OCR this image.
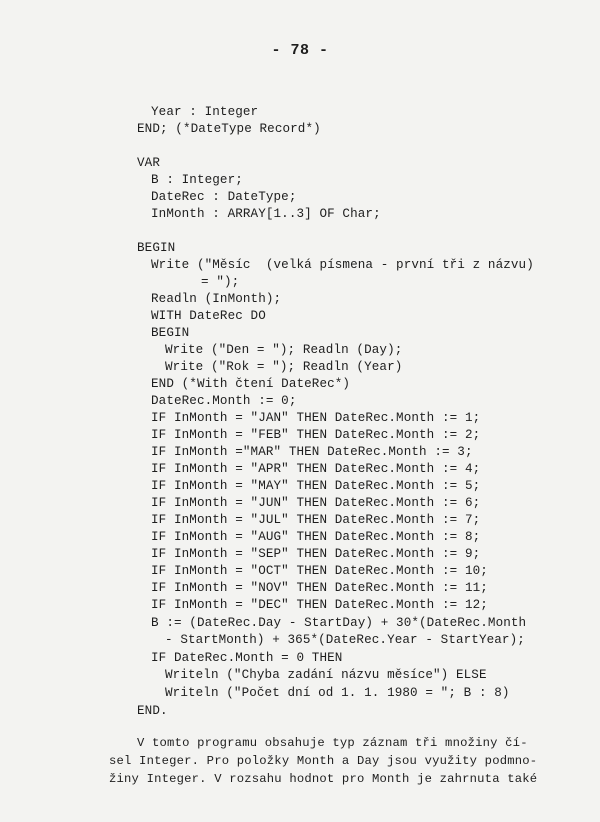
- 78 -
Year : Integer
END; (*DateType Record*)
VAR
B : Integer;
DateRec : DateType;
InMonth : ARRAY[1..3] OF Char;
BEGIN
Write ("Měsíc  (velká písmena - první tři z názvu)
= ");
Readln (InMonth);
WITH DateRec DO
BEGIN
Write ("Den = "); Readln (Day);
Write ("Rok = "); Readln (Year)
END (*With čtení DateRec*)
DateRec.Month := 0;
IF InMonth = "JAN" THEN DateRec.Month := 1;
IF InMonth = "FEB" THEN DateRec.Month := 2;
IF InMonth ="MAR" THEN DateRec.Month := 3;
IF InMonth = "APR" THEN DateRec.Month := 4;
IF InMonth = "MAY" THEN DateRec.Month := 5;
IF InMonth = "JUN" THEN DateRec.Month := 6;
IF InMonth = "JUL" THEN DateRec.Month := 7;
IF InMonth = "AUG" THEN DateRec.Month := 8;
IF InMonth = "SEP" THEN DateRec.Month := 9;
IF InMonth = "OCT" THEN DateRec.Month := 10;
IF InMonth = "NOV" THEN DateRec.Month := 11;
IF InMonth = "DEC" THEN DateRec.Month := 12;
B := (DateRec.Day - StartDay) + 30*(DateRec.Month
- StartMonth) + 365*(DateRec.Year - StartYear);
IF DateRec.Month = 0 THEN
Writeln ("Chyba zadání názvu měsíce") ELSE
Writeln ("Počet dní od 1. 1. 1980 = "; B : 8)
END.
V tomto programu obsahuje typ záznam tři množiny čí-
sel Integer. Pro položky Month a Day jsou využity podmno-
žiny Integer. V rozsahu hodnot pro Month je zahrnuta také
